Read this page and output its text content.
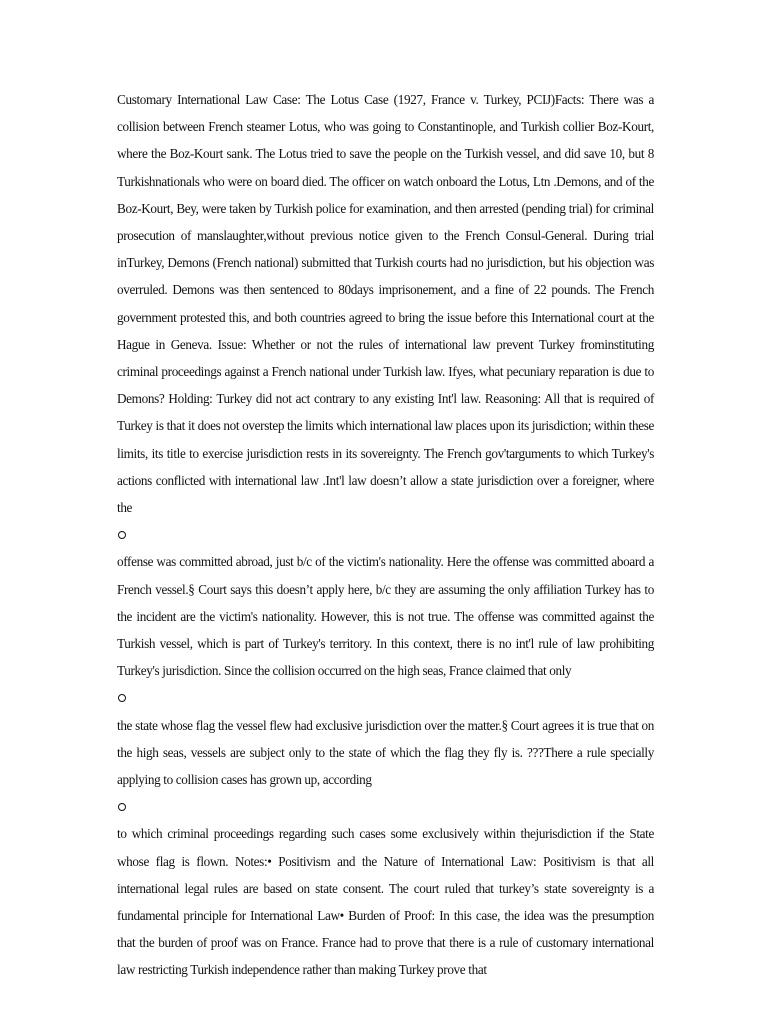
Customary International Law Case: The Lotus Case (1927, France v. Turkey, PCIJ)Facts: There was a collision between French steamer Lotus, who was going to Constantinople, and Turkish collier Boz-Kourt, where the Boz-Kourt sank. The Lotus tried to save the people on the Turkish vessel, and did save 10, but 8 Turkishnationals who were on board died. The officer on watch onboard the Lotus, Ltn .Demons, and of the Boz-Kourt, Bey, were taken by Turkish police for examination, and then arrested (pending trial) for criminal prosecution of manslaughter,without previous notice given to the French Consul-General. During trial inTurkey, Demons (French national) submitted that Turkish courts had no jurisdiction, but his objection was overruled. Demons was then sentenced to 80days imprisonement, and a fine of 22 pounds. The French government protested this, and both countries agreed to bring the issue before this International court at the Hague in Geneva. Issue: Whether or not the rules of international law prevent Turkey frominstituting criminal proceedings against a French national under Turkish law. Ifyes, what pecuniary reparation is due to Demons? Holding: Turkey did not act contrary to any existing Int'l law. Reasoning: All that is required of Turkey is that it does not overstep the limits which international law places upon its jurisdiction; within these limits, its title to exercise jurisdiction rests in its sovereignty. The French gov'targuments to which Turkey's actions conflicted with international law .Int'l law doesn’t allow a state jurisdiction over a foreigner, where the

offense was committed abroad, just b/c of the victim's nationality. Here the offense was committed aboard a French vessel.§ Court says this doesn’t apply here, b/c they are assuming the only affiliation Turkey has to the incident are the victim's nationality. However, this is not true. The offense was committed against the Turkish vessel, which is part of Turkey's territory. In this context, there is no int'l rule of law prohibiting Turkey's jurisdiction. Since the collision occurred on the high seas, France claimed that only

the state whose flag the vessel flew had exclusive jurisdiction over the matter.§ Court agrees it is true that on the high seas, vessels are subject only to the state of which the flag they fly is. ???There a rule specially applying to collision cases has grown up, according

to which criminal proceedings regarding such cases some exclusively within thejurisdiction if the State whose flag is flown. Notes:• Positivism and the Nature of International Law: Positivism is that all international legal rules are based on state consent. The court ruled that turkey’s state sovereignty is a fundamental principle for International Law• Burden of Proof: In this case, the idea was the presumption that the burden of proof was on France. France had to prove that there is a rule of customary international law restricting Turkish independence rather than making Turkey prove that
